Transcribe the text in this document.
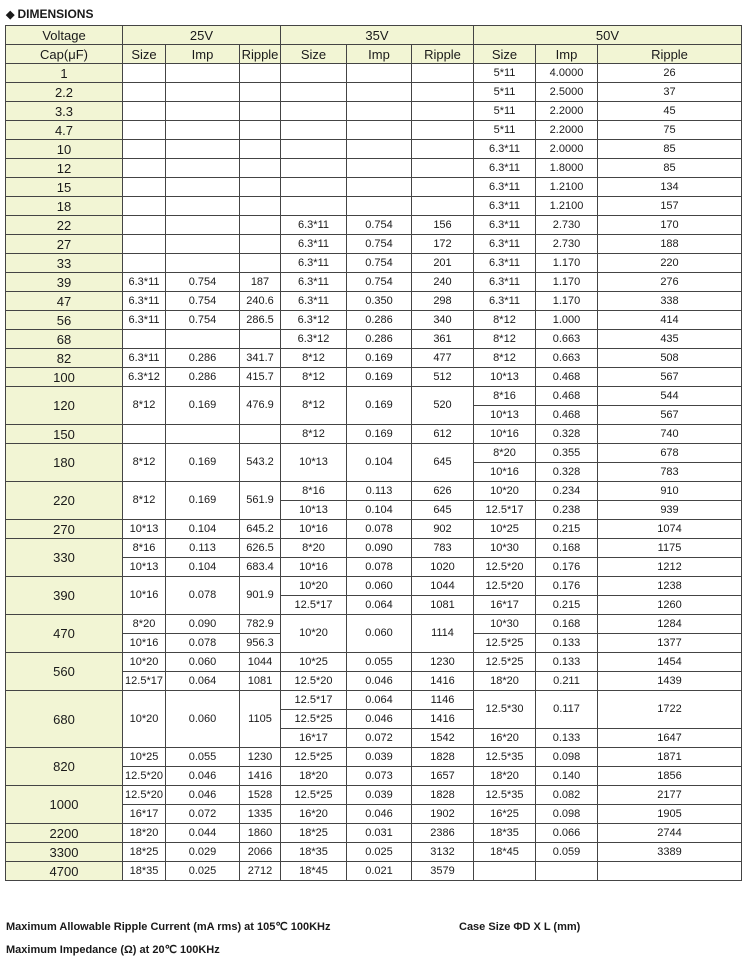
◆ DIMENSIONS
Voltage	25V			35V			50V		
Cap(μF)	Size	Imp	Ripple	Size	Imp	Ripple	Size	Imp	Ripple
1							5*11	4.0000	26
2.2							5*11	2.5000	37
3.3							5*11	2.2000	45
4.7							5*11	2.2000	75
10							6.3*11	2.0000	85
12							6.3*11	1.8000	85
15							6.3*11	1.2100	134
18							6.3*11	1.2100	157
22				6.3*11	0.754	156	6.3*11	2.730	170
27				6.3*11	0.754	172	6.3*11	2.730	188
33				6.3*11	0.754	201	6.3*11	1.170	220
39	6.3*11	0.754	187	6.3*11	0.754	240	6.3*11	1.170	276
47	6.3*11	0.754	240.6	6.3*11	0.350	298	6.3*11	1.170	338
56	6.3*11	0.754	286.5	6.3*12	0.286	340	8*12	1.000	414
68				6.3*12	0.286	361	8*12	0.663	435
82	6.3*11	0.286	341.7	8*12	0.169	477	8*12	0.663	508
100	6.3*12	0.286	415.7	8*12	0.169	512	10*13	0.468	567
120	8*12	0.169	476.9	8*12	0.169	520	8*16	0.468	544
							10*13	0.468	567
150				8*12	0.169	612	10*16	0.328	740
180	8*12	0.169	543.2	10*13	0.104	645	8*20	0.355	678
							10*16	0.328	783
220	8*12	0.169	561.9	8*16	0.113	626	10*20	0.234	910
				10*13	0.104	645	12.5*17	0.238	939
270	10*13	0.104	645.2	10*16	0.078	902	10*25	0.215	1074
330	8*16	0.113	626.5	8*20	0.090	783	10*30	0.168	1175
	10*13	0.104	683.4	10*16	0.078	1020	12.5*20	0.176	1212
390	10*16	0.078	901.9	10*20	0.060	1044	12.5*20	0.176	1238
				12.5*17	0.064	1081	16*17	0.215	1260
470	8*20	0.090	782.9	10*20	0.060	1114	10*30	0.168	1284
	10*16	0.078	956.3				12.5*25	0.133	1377
560	10*20	0.060	1044	10*25	0.055	1230	12.5*25	0.133	1454
	12.5*17	0.064	1081	12.5*20	0.046	1416	18*20	0.211	1439
680	10*20	0.060	1105	12.5*17	0.064	1146	12.5*30	0.117	1722
				12.5*25	0.046	1416			
				16*17	0.072	1542	16*20	0.133	1647
820	10*25	0.055	1230	12.5*25	0.039	1828	12.5*35	0.098	1871
	12.5*20	0.046	1416	18*20	0.073	1657	18*20	0.140	1856
1000	12.5*20	0.046	1528	12.5*25	0.039	1828	12.5*35	0.082	2177
	16*17	0.072	1335	16*20	0.046	1902	16*25	0.098	1905
2200	18*20	0.044	1860	18*25	0.031	2386	18*35	0.066	2744
3300	18*25	0.029	2066	18*35	0.025	3132	18*45	0.059	3389
4700	18*35	0.025	2712	18*45	0.021	3579			
Maximum Allowable Ripple Current (mA rms) at 105℃ 100KHz	Case Size ΦD X L (mm)
Maximum Impedance (Ω) at 20℃ 100KHz
